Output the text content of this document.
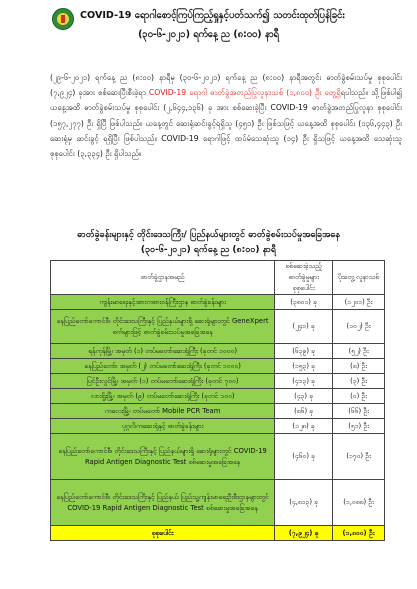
COVID-19 ရောဂါစောင့်ကြပ်ကြည့်ရှုနှင့်ပတ်သက်၍ သတင်းထုတ်ပြန်ခြင်း
(၃၀-၆-၂၀၂၁) ရက်နေ့ ည (၈:၀၀) နာရီ
(၂၉-၆-၂၀၂၁) ရက်နေ့ ည (၈:၀၀) နာရီမှ (၃၀-၆-၂၀၂၁) ရက်နေ့ ည (၈:၀၀) နာရီအတွင်း ဓာတ်ခွဲစမ်းသပ်မှု စုစုပေါင်း (၇,၉၂၄) ခုအား စစ်ဆေးပြီးစီးခဲ့ရာ COVID-19 ရောဂါ ဓာတ်ခွဲအတည်ပြုလူနာသစ် (၁,၈၀၀) ဦး တွေ့ရှိရပါသည်။ သို့ဖြစ်ပါ၍ ယနေ့အထိ ဓာတ်ခွဲစမ်းသပ်မှု စုစုပေါင်း (၂,၆၄၄,၁၃၆) ခု အား စစ်ဆေးခဲ့ပြီး COVID-19 ဓာတ်ခွဲအတည်ပြုလူနာ စုစုပေါင်း (၁၅၇,၂၇၇) ဦး ရှိပြီ ဖြစ်ပါသည်။ ယနေ့တွင် ဆေးရုံဆင်းခွင့်ရရှိသူ (၄၅၁) ဦး ဖြစ်သဖြင့် ယနေ့အထိ စုစုပေါင်း (၁၃၆,၄၄၃) ဦး ဆေးရုံမှ ဆင်းခွင့် ရရှိပြီး ဖြစ်ပါသည်။ COVID-19 ရောဂါဖြင့် ထပ်မံသေဆုံးသူ (၁၄) ဦး ရှိသဖြင့် ယနေ့အထိ သေဆုံးသူစုစုပေါင်း (၃,၃၃၄) ဦး ရှိပါသည်။
ဓာတ်ခွဲခန်းများနှင့် တိုင်းဒေသကြီး/ ပြည်နယ်များတွင် ဓာတ်ခွဲစမ်းသပ်မှုအခြေအနေ
(၃၀-၆-၂၀၂၁) ရက်နေ့ ည (၈:၀၀) နာရီ
ဓာတ်ခွဲဌာနအမည်	စစ်ဆေးခဲ့သည့် ဓာတ်ခွဲမှုများ စုစုပေါင်း	ပိုးတွေ့ လူနာသစ်
ကျန်းမာရေးနှင့်အားကစားဝန်ကြီးဌာန ဓာတ်ခွဲခန်းများ	(၃၈၀၁) ခု	(၁၂၀၁) ဦး
နေပြည်တော်ကောင်စီ၊ တိုင်းဒေသကြီးနှင့် ပြည်နယ်များရှိ ဆေးရုံများတွင် GeneXpert စက်များဖြင့် ဓာတ်ခွဲစမ်းသပ်မှုအခြေအနေ	(၂၄၁) ခု	(၁၀၂) ဦး
ရန်ကုန်မြို့၊ အမှတ် (၁) တပ်မတော်ဆေးရုံကြီး (ခုတင် ၁၀၀၀)	(၆၃၉) ခု	(၅၂) ဦး
နေပြည်တော်၊ အမှတ် (၂) တပ်မတော်ဆေးရုံကြီး (ခုတင် ၁၀၀၀)	(၁၅၃) ခု	(၈) ဦး
ပြင်ဦးလွင်မြို့၊ အမှတ် (၁) တပ်မတော်ဆေးရုံကြီး (ခုတင် ၇၀၀)	(၄၁၃) ခု	(၃) ဦး
လားရှိုးမြို့၊ အမှတ် (၉) တပ်မတော်ဆေးရုံကြီး (ခုတင် ၁၀၀)	(၄၃) ခု	(၀) ဦး
ကလေးမြို့၊ တပ်မတော် Mobile PCR Team	(၈၆) ခု	(၆၆) ဦး
ပုဂ္ဂလိကဆေးရုံနှင့် ဓာတ်ခွဲခန်းများ	(၁၂၈) ခု	(၅၁) ဦး
နေပြည်တော်ကောင်စီ၊ တိုင်းဒေသကြီးနှင့် ပြည်နယ်များရှိ ဆေးရုံများတွင် COVID-19 Rapid Antigen Diagnostic Test စစ်ဆေးမှုအခြေအနေ	(၄၆၀) ခု	(၁၇၀) ဦး
နေပြည်တော်ကောင်စီ၊ တိုင်းဒေသကြီးနှင့် ပြည်နယ် ပြည်သူ့ကျန်းမာရေးဦးစီးဌာနများတွင် COVID-19 Rapid Antigen Diagnostic Test စစ်ဆေးမှုအခြေအနေ	(၄,၈၁၃) ခု	(၁,၀၈၈) ဦး
စုစုပေါင်း	(၇,၉၂၄) ခု	(၁,၈၀၀) ဦး
